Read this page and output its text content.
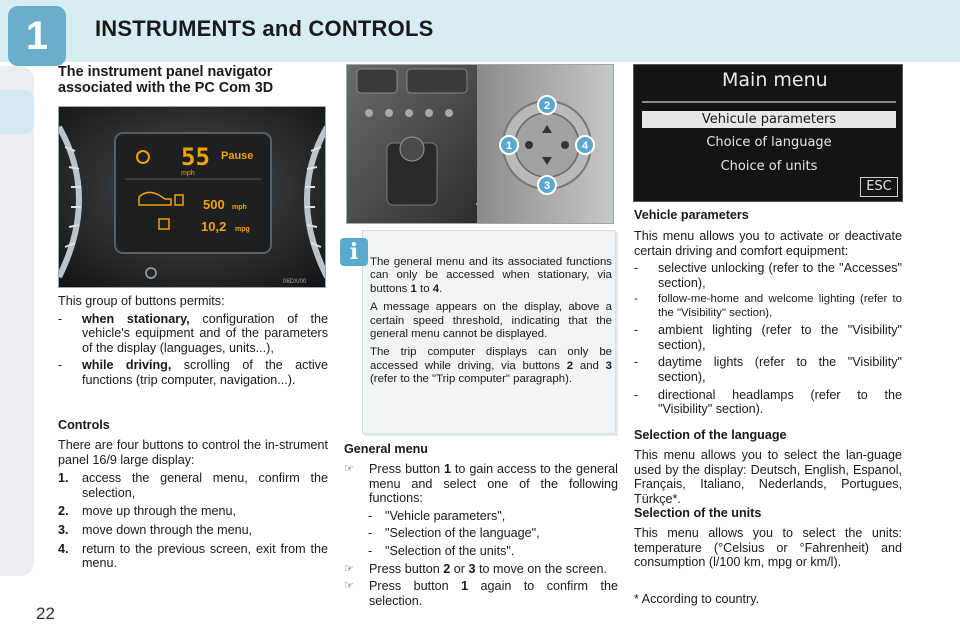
1	INSTRUMENTS and CONTROLS
22
The instrument panel navigator associated with the PC Com 3D
55 Pause
mph
500 mph
10,2 mpg
06DX/00
This group of buttons permits:
- when stationary, configuration of the vehicle's equipment and of the parameters of the display (languages, units...),
- while driving, scrolling of the active functions (trip computer, navigation...).
Controls
There are four buttons to control the in-strument panel 16/9 large display:
1. access the general menu, confirm the selection,
2. move up through the menu,
3. move down through the menu,
4. return to the previous screen, exit from the menu.
2
1	4
3
i	The general menu and its associated functions can only be accessed when stationary, via buttons 1 to 4.

A message appears on the display, above a certain speed threshold, indicating that the general menu cannot be displayed.

The trip computer displays can only be accessed while driving, via buttons 2 and 3 (refer to the "Trip computer" paragraph).

General menu
☞ Press button 1 to gain access to the general menu and select one of the following functions:
- "Vehicle parameters",
- "Selection of the language",
- "Selection of the units".
☞ Press button 2 or 3 to move on the screen.
☞ Press button 1 again to confirm the selection.
Main menu
Vehicule parameters
Choice of language
Choice of units
ESC
Vehicle parameters
This menu allows you to activate or deactivate certain driving and comfort equipment:
- selective unlocking (refer to the "Accesses" section),
- follow-me-home and welcome lighting (refer to the "Visibility" section),
- ambient lighting (refer to the "Visibility" section),
- daytime lights (refer to the "Visibility" section),
- directional headlamps (refer to the "Visibility" section).
Selection of the language
This menu allows you to select the lan-guage used by the display: Deutsch, English, Espanol, Français, Italiano, Nederlands, Portugues, Türkçe*.
Selection of the units
This menu allows you to select the units: temperature (°Celsius or °Fahrenheit) and consumption (l/100 km, mpg or km/l).
* According to country.
